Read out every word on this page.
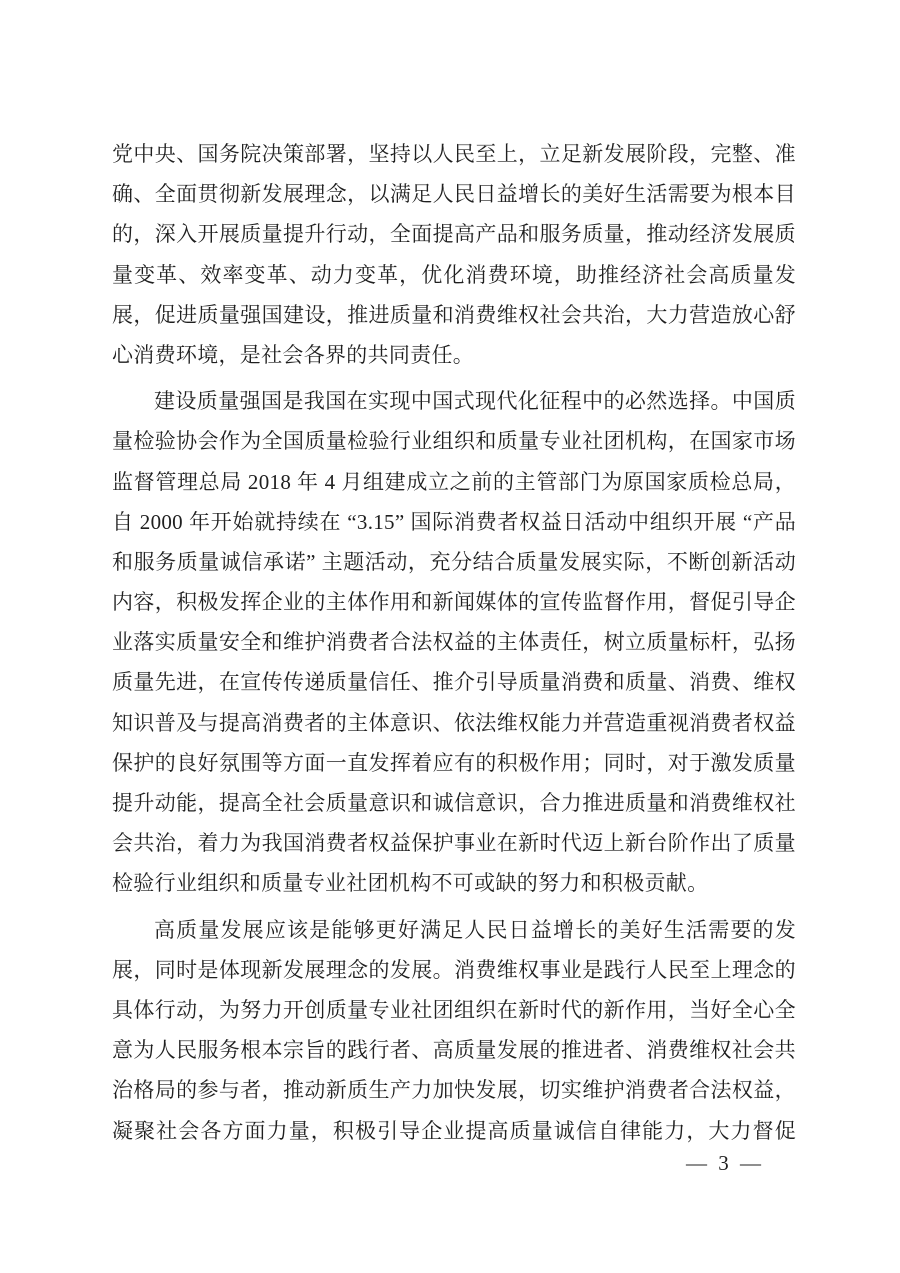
党中央、国务院决策部署，坚持以人民至上，立足新发展阶段，完整、准
确、全面贯彻新发展理念，以满足人民日益增长的美好生活需要为根本目
的，深入开展质量提升行动，全面提高产品和服务质量，推动经济发展质
量变革、效率变革、动力变革，优化消费环境，助推经济社会高质量发
展，促进质量强国建设，推进质量和消费维权社会共治，大力营造放心舒
心消费环境，是社会各界的共同责任。
建设质量强国是我国在实现中国式现代化征程中的必然选择。中国质
量检验协会作为全国质量检验行业组织和质量专业社团机构，在国家市场
监督管理总局 2018 年 4 月组建成立之前的主管部门为原国家质检总局，
自 2000 年开始就持续在 “3.15” 国际消费者权益日活动中组织开展 “产品
和服务质量诚信承诺” 主题活动，充分结合质量发展实际，不断创新活动
内容，积极发挥企业的主体作用和新闻媒体的宣传监督作用，督促引导企
业落实质量安全和维护消费者合法权益的主体责任，树立质量标杆，弘扬
质量先进，在宣传传递质量信任、推介引导质量消费和质量、消费、维权
知识普及与提高消费者的主体意识、依法维权能力并营造重视消费者权益
保护的良好氛围等方面一直发挥着应有的积极作用；同时，对于激发质量
提升动能，提高全社会质量意识和诚信意识，合力推进质量和消费维权社
会共治，着力为我国消费者权益保护事业在新时代迈上新台阶作出了质量
检验行业组织和质量专业社团机构不可或缺的努力和积极贡献。
高质量发展应该是能够更好满足人民日益增长的美好生活需要的发
展，同时是体现新发展理念的发展。消费维权事业是践行人民至上理念的
具体行动，为努力开创质量专业社团组织在新时代的新作用，当好全心全
意为人民服务根本宗旨的践行者、高质量发展的推进者、消费维权社会共
治格局的参与者，推动新质生产力加快发展，切实维护消费者合法权益，
凝聚社会各方面力量，积极引导企业提高质量诚信自律能力，大力督促
— 3 —
